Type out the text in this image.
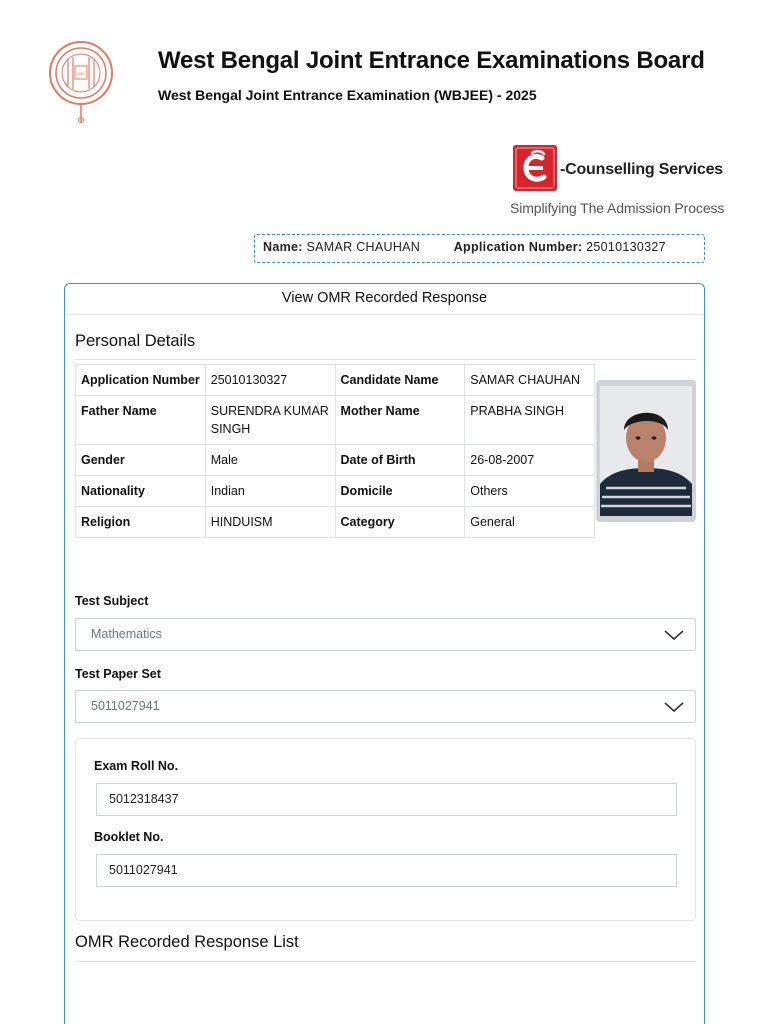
1962	West Bengal Joint Entrance Examinations Board
West Bengal Joint Entrance Examination (WBJEE) - 2025
-Counselling Services
Simplifying The Admission Process
Name: SAMAR CHAUHAN	Application Number: 25010130327
View OMR Recorded Response
Personal Details
Application Number	25010130327	Candidate Name	SAMAR CHAUHAN
Father Name	SURENDRA KUMAR SINGH	Mother Name	PRABHA SINGH
Gender	Male	Date of Birth	26-08-2007
Nationality	Indian	Domicile	Others
Religion	HINDUISM	Category	General
Test Subject
Mathematics
Test Paper Set
5011027941
Exam Roll No.
5012318437
Booklet No.
5011027941
OMR Recorded Response List
